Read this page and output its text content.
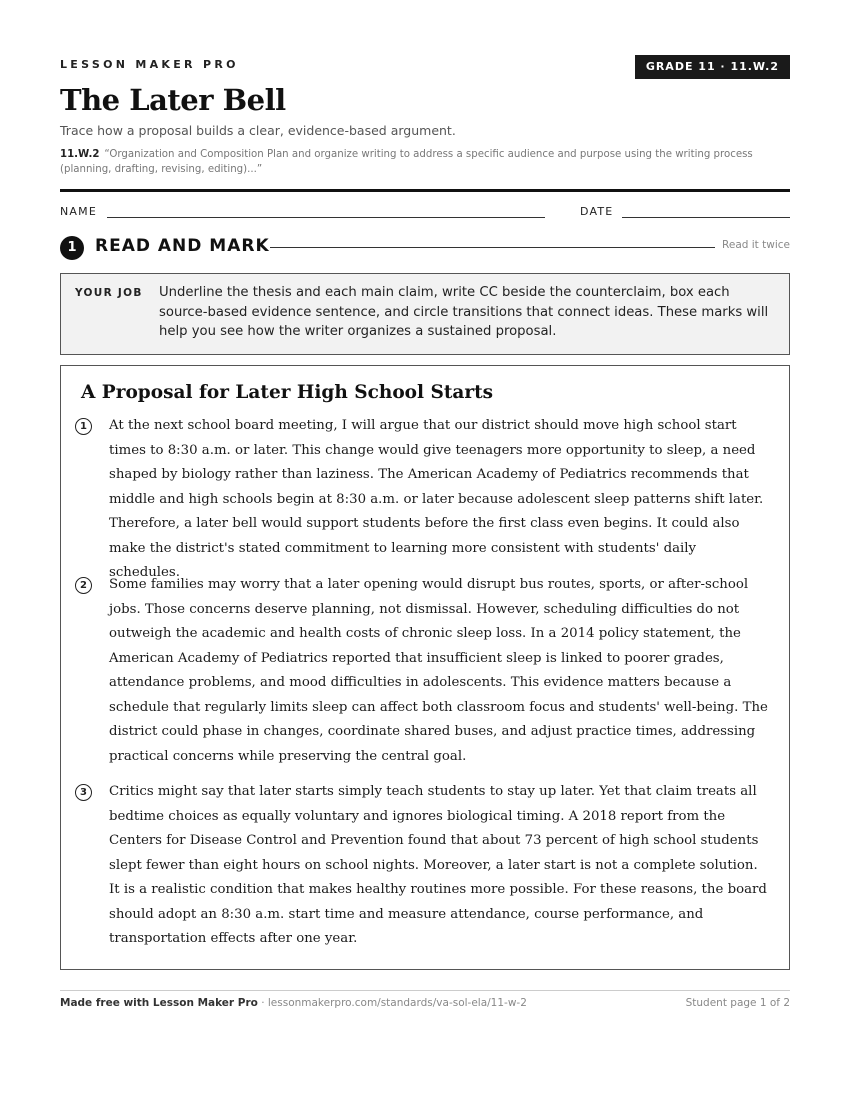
LESSON MAKER PRO	GRADE 11 · 11.W.2
The Later Bell
Trace how a proposal builds a clear, evidence-based argument.
11.W.2 “Organization and Composition Plan and organize writing to address a specific audience and purpose using the writing process (planning, drafting, revising, editing)...”
NAME	DATE
1	READ AND MARK	Read it twice
YOUR JOB Underline the thesis and each main claim, write CC beside the counterclaim, box each source-based evidence sentence, and circle transitions that connect ideas. These marks will help you see how the writer organizes a sustained proposal.
A Proposal for Later High School Starts
1	At the next school board meeting, I will argue that our district should move high school start times to 8:30 a.m. or later. This change would give teenagers more opportunity to sleep, a need shaped by biology rather than laziness. The American Academy of Pediatrics recommends that middle and high schools begin at 8:30 a.m. or later because adolescent sleep patterns shift later. Therefore, a later bell would support students before the first class even begins. It could also make the district's stated commitment to learning more consistent with students' daily schedules.
2	Some families may worry that a later opening would disrupt bus routes, sports, or after-school jobs. Those concerns deserve planning, not dismissal. However, scheduling difficulties do not outweigh the academic and health costs of chronic sleep loss. In a 2014 policy statement, the American Academy of Pediatrics reported that insufficient sleep is linked to poorer grades, attendance problems, and mood difficulties in adolescents. This evidence matters because a schedule that regularly limits sleep can affect both classroom focus and students' well-being. The district could phase in changes, coordinate shared buses, and adjust practice times, addressing practical concerns while preserving the central goal.
3	Critics might say that later starts simply teach students to stay up later. Yet that claim treats all bedtime choices as equally voluntary and ignores biological timing. A 2018 report from the Centers for Disease Control and Prevention found that about 73 percent of high school students slept fewer than eight hours on school nights. Moreover, a later start is not a complete solution. It is a realistic condition that makes healthy routines more possible. For these reasons, the board should adopt an 8:30 a.m. start time and measure attendance, course performance, and transportation effects after one year.
Made free with Lesson Maker Pro · lessonmakerpro.com/standards/va-sol-ela/11-w-2	Student page 1 of 2
